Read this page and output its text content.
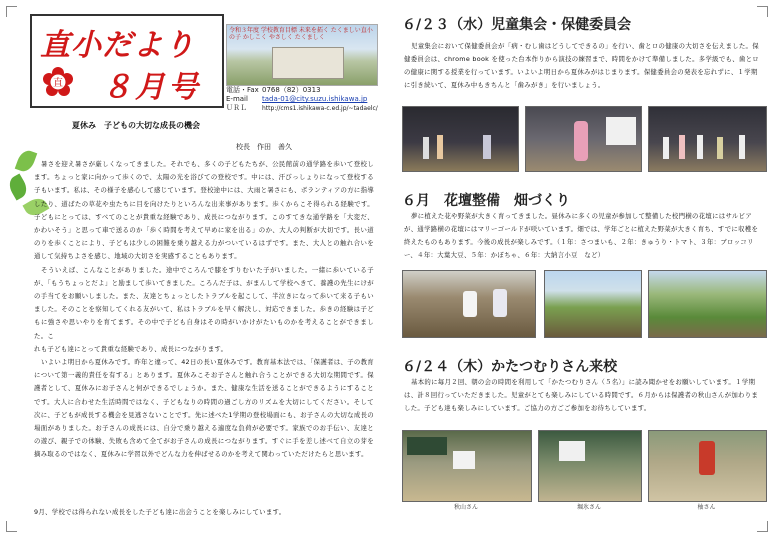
直小だより
直 ８月号
令和３年度 学校教育目標 未来を拓く たくましい直小の子 かしこく やさしく たくましく
電話・Fax 0768（82）0313
E-mail tada-01@city.suzu.ishikawa.jp
ＵＲＬ	http://cms1.ishikawa-c.ed.jp/~tadaelc/
夏休み　子どもの大切な成長の機会
校長　作田　善久

暑さを迎え暑さが厳しくなってきました。それでも、多くの子どもたちが、公民館前の通学路を歩いて登校します。ちょっと家に向かって歩くので、太陽の光を浴びての登校です。中には、汗びっしょりになって登校する子もいます。私は、その様子を感心して感じています。登校途中には、大雨と暑さにも、ボランティアの方に指導したり、道ばたの草花や虫たちに目を向けたりといろんな出来事があります。歩くからこそ得られる経験です。子どもにとっては、すべてのことが貴重な経験であり、成長につながります。このすてきな通学路を「大変だ、かわいそう」と思って車で送るのか「歩く時間を考えて早めに家を出る」のか、大人の判断が大切です。長い道のりを歩くことにより、子どもは少しの困難を乗り越える力がついているはずです。また、大人との触れ合いを通して気持ちよさを感じ、地域の大切さを実感することもあります。

そういえば、こんなことがありました。途中でころんで膝をすりむいた子がいました。一緒に歩いている子が、「もうちょっとだよ」と励まして歩いてきました。ころんだ子は、がまんして学校へきて、養護の先生にけがの手当てをお願いしました。また、友達とちょっとしたトラブルを起こして、半泣きになって歩いて来る子もいました。そのことを察知してくれる友がいて、私はトラブルを早く解決し、対応できました。歩きの経験は子どもに強さや思いやりを育てます。その中で子ども自身はその時がいかけがたいものかを考えることができました。こ

れも子ども達にとって貴重な経験であり、成長につながります。

いよいよ明日から夏休みです。昨年と違って、42日の長い夏休みです。教育基本法では、「保護者は、子の教育について第一義的責任を有する」とあります。夏休みこそお子さんと触れ合うことができる大切な期間です。保護者として、夏休みにお子さんと何ができるでしょうか。また、健康な生活を送ることができるようにすることです。大人に合わせた生活時間ではなく、子どもなりの時間の過ごし方のリズムを大切にしてください。そして次に、子どもが成長する機会を見逃さないことです。先に述べた1学期の登校場面にも、お子さんの大切な成長の場面がありました。お子さんの成長には、自分で乗り越える適度な負荷が必要です。家族でのお手伝い、友達との遊び、親子での体験、失敗も含めて全てがお子さんの成長につながります。すぐに手を差し述べて自立の芽を摘み取るのではなく、夏休みに学習以外でどんな力を伸ばせるのかを考えて関わっていただけたらと思います。

9月、学校では得られない成長をした子ども達に出会うことを楽しみにしています。
６/２３（水）児童集会・保健委員会

児童集会において保健委員会が「病・むし歯はどうしてできるの」を行い、歯とロの健康の大切さを伝えました。保健委員会は、chrome book を使った台本作りから演技の練習まで、時間をかけて準備しました。多学級でも、歯とロの健康に関する授業を行っています。いよいよ明日から夏休みがはじまります。保健委員会の発表を忘れずに、１学期に引き続いて、夏休み中もきちんと「歯みがき」を行いましょう。

６月　花壇整備　畑づくり

夢に植えた花や野菜が大きく育ってきました。昼休みに多くの児童が参加して整備した校門横の花壇にはサルビアが、通学路横の花壇にはマリーゴールドが咲いています。畑では、学年ごとに植えた野菜が大きく育ち、すでに収穫を終えたものもあります。今後の成長が楽しみです。（１年：さつまいも、２年：きゅうり・トマト、３年：ブロッコリー、４年：大葉大豆、５年：かぼちゃ、６年：大納言小豆　など）

６/２４（木）かたつむりさん来校

基本的に毎月２回、朝の会の時間を利用して「かたつむりさん（５名）」に読み聞かせをお願いしています。１学期は、計８回行っていただきました。児童がとても楽しみにしている時間です。６月からは保護者の秋山さんが加わりました。子ども達も楽しみにしています。ご協力の方ごご参加をお待ちしています。

秋山さん	堀氷さん	柚さん
